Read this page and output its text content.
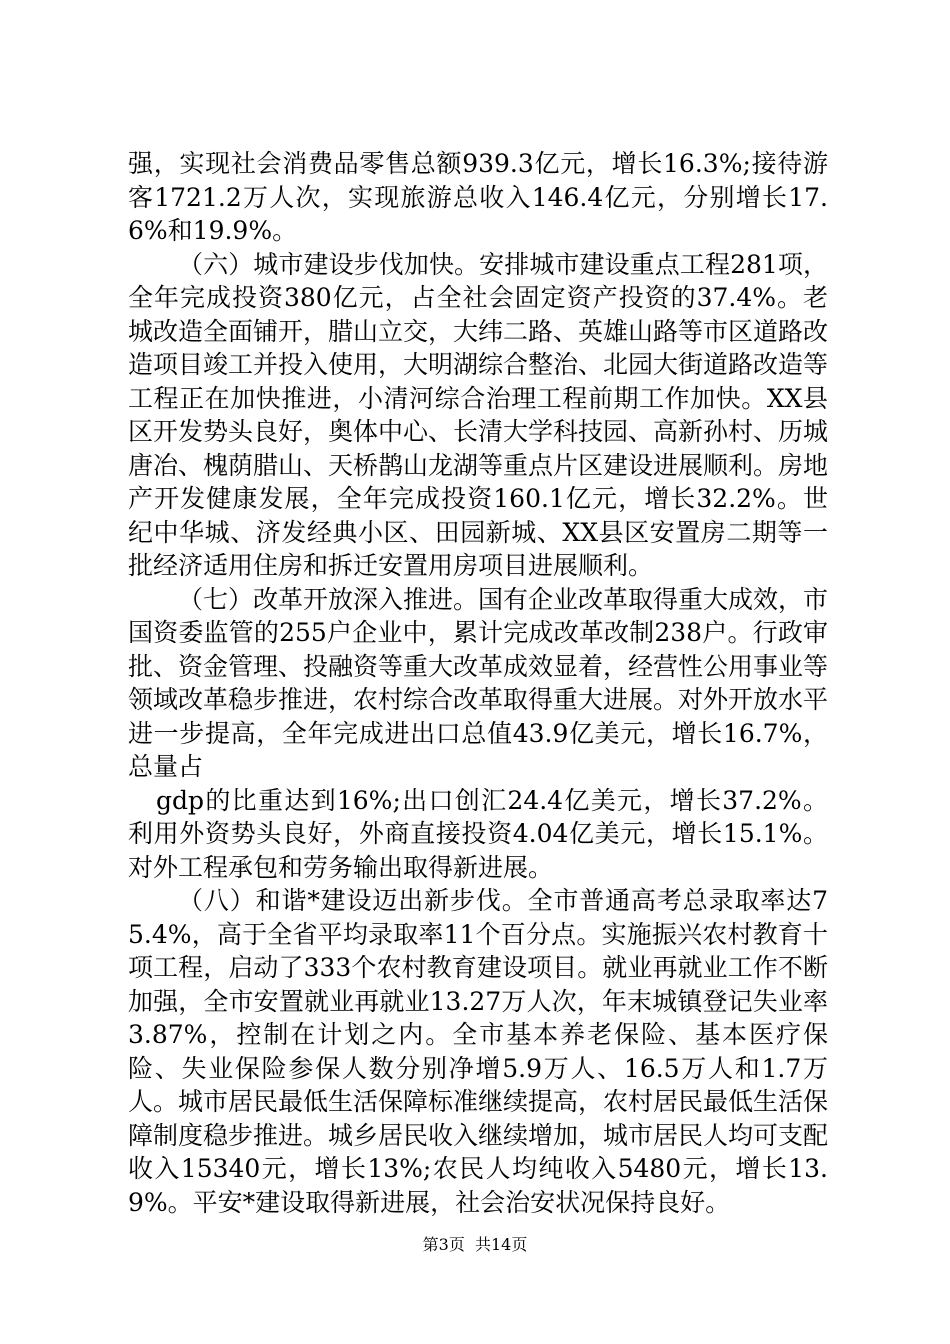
强，实现社会消费品零售总额939.3亿元，增长16.3%;接待游客1721.2万人次，实现旅游总收入146.4亿元，分别增长17.6%和19.9%。

（六）城市建设步伐加快。安排城市建设重点工程281项，全年完成投资380亿元，占全社会固定资产投资的37.4%。老城改造全面铺开，腊山立交，大纬二路、英雄山路等市区道路改造项目竣工并投入使用，大明湖综合整治、北园大街道路改造等工程正在加快推进，小清河综合治理工程前期工作加快。XX县区开发势头良好，奥体中心、长清大学科技园、高新孙村、历城唐冶、槐荫腊山、天桥鹊山龙湖等重点片区建设进展顺利。房地产开发健康发展，全年完成投资160.1亿元，增长32.2%。世纪中华城、济发经典小区、田园新城、XX县区安置房二期等一批经济适用住房和拆迁安置用房项目进展顺利。

（七）改革开放深入推进。国有企业改革取得重大成效，市国资委监管的255户企业中，累计完成改革改制238户。行政审批、资金管理、投融资等重大改革成效显着，经营性公用事业等领域改革稳步推进，农村综合改革取得重大进展。对外开放水平进一步提高，全年完成进出口总值43.9亿美元，增长16.7%，总量占

gdp的比重达到16%;出口创汇24.4亿美元，增长37.2%。利用外资势头良好，外商直接投资4.04亿美元，增长15.1%。对外工程承包和劳务输出取得新进展。

（八）和谐*建设迈出新步伐。全市普通高考总录取率达75.4%，高于全省平均录取率11个百分点。实施振兴农村教育十项工程，启动了333个农村教育建设项目。就业再就业工作不断加强，全市安置就业再就业13.27万人次，年末城镇登记失业率3.87%，控制在计划之内。全市基本养老保险、基本医疗保险、失业保险参保人数分别净增5.9万人、16.5万人和1.7万人。城市居民最低生活保障标准继续提高，农村居民最低生活保障制度稳步推进。城乡居民收入继续增加，城市居民人均可支配收入15340元，增长13%;农民人均纯收入5480元，增长13.9%。平安*建设取得新进展，社会治安状况保持良好。

第3页  共14页
